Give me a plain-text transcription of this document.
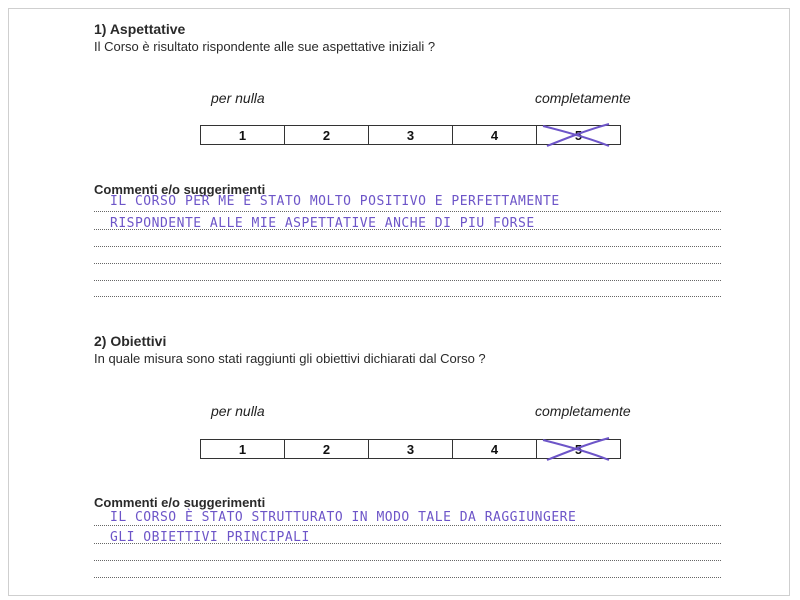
1) Aspettative
Il Corso è risultato rispondente alle sue aspettative iniziali ?
per nulla	completamente
1	2	3	4	5
Commenti e/o suggerimenti
IL CORSO PER ME È STATO MOLTO POSITIVO E PERFETTAMENTE
RISPONDENTE ALLE MIE ASPETTATIVE ANCHE DI PIU FORSE
2) Obiettivi
In quale misura sono stati raggiunti gli obiettivi dichiarati dal Corso ?
per nulla	completamente
1	2	3	4	5
Commenti e/o suggerimenti
IL CORSO È STATO STRUTTURATO IN MODO TALE DA RAGGIUNGERE
GLI OBIETTIVI PRINCIPALI
